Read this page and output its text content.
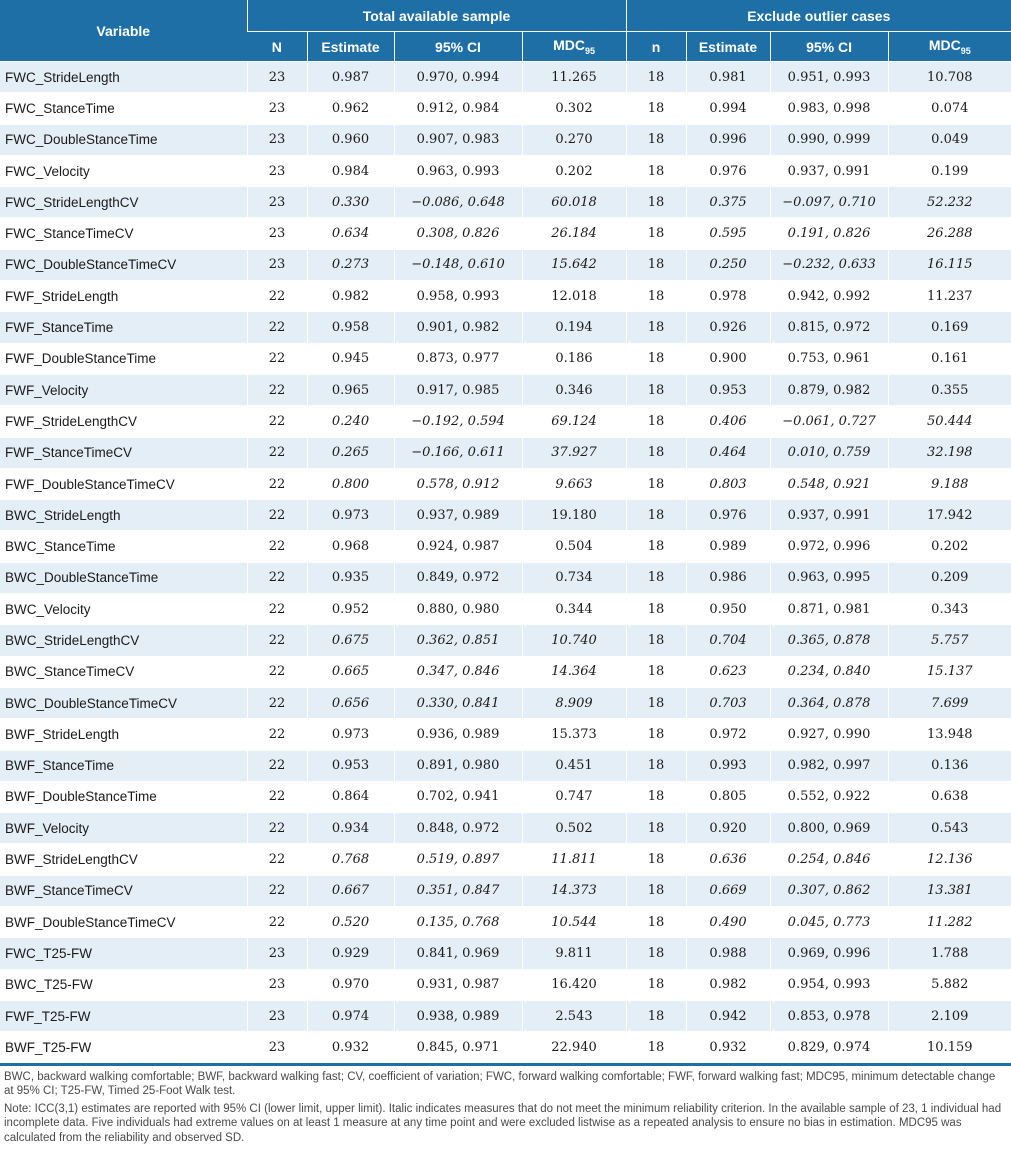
Variable	Total available sample				Exclude outlier cases			
	N	Estimate	95% CI	$MDC_{95}$	n	Estimate	95% CI	$MDC_{95}$
FWC_StrideLength	23	0.987	0.970, 0.994	11.265	18	0.981	0.951, 0.993	10.708
FWC_StanceTime	23	0.962	0.912, 0.984	0.302	18	0.994	0.983, 0.998	0.074
FWC_DoubleStanceTime	23	0.960	0.907, 0.983	0.270	18	0.996	0.990, 0.999	0.049
FWC_Velocity	23	0.984	0.963, 0.993	0.202	18	0.976	0.937, 0.991	0.199
FWC_StrideLengthCV	23	0.330	−0.086, 0.648	60.018	18	0.375	−0.097, 0.710	52.232
FWC_StanceTimeCV	23	0.634	0.308, 0.826	26.184	18	0.595	0.191, 0.826	26.288
FWC_DoubleStanceTimeCV	23	0.273	−0.148, 0.610	15.642	18	0.250	−0.232, 0.633	16.115
FWF_StrideLength	22	0.982	0.958, 0.993	12.018	18	0.978	0.942, 0.992	11.237
FWF_StanceTime	22	0.958	0.901, 0.982	0.194	18	0.926	0.815, 0.972	0.169
FWF_DoubleStanceTime	22	0.945	0.873, 0.977	0.186	18	0.900	0.753, 0.961	0.161
FWF_Velocity	22	0.965	0.917, 0.985	0.346	18	0.953	0.879, 0.982	0.355
FWF_StrideLengthCV	22	0.240	−0.192, 0.594	69.124	18	0.406	−0.061, 0.727	50.444
FWF_StanceTimeCV	22	0.265	−0.166, 0.611	37.927	18	0.464	0.010, 0.759	32.198
FWF_DoubleStanceTimeCV	22	0.800	0.578, 0.912	9.663	18	0.803	0.548, 0.921	9.188
BWC_StrideLength	22	0.973	0.937, 0.989	19.180	18	0.976	0.937, 0.991	17.942
BWC_StanceTime	22	0.968	0.924, 0.987	0.504	18	0.989	0.972, 0.996	0.202
BWC_DoubleStanceTime	22	0.935	0.849, 0.972	0.734	18	0.986	0.963, 0.995	0.209
BWC_Velocity	22	0.952	0.880, 0.980	0.344	18	0.950	0.871, 0.981	0.343
BWC_StrideLengthCV	22	0.675	0.362, 0.851	10.740	18	0.704	0.365, 0.878	5.757
BWC_StanceTimeCV	22	0.665	0.347, 0.846	14.364	18	0.623	0.234, 0.840	15.137
BWC_DoubleStanceTimeCV	22	0.656	0.330, 0.841	8.909	18	0.703	0.364, 0.878	7.699
BWF_StrideLength	22	0.973	0.936, 0.989	15.373	18	0.972	0.927, 0.990	13.948
BWF_StanceTime	22	0.953	0.891, 0.980	0.451	18	0.993	0.982, 0.997	0.136
BWF_DoubleStanceTime	22	0.864	0.702, 0.941	0.747	18	0.805	0.552, 0.922	0.638
BWF_Velocity	22	0.934	0.848, 0.972	0.502	18	0.920	0.800, 0.969	0.543
BWF_StrideLengthCV	22	0.768	0.519, 0.897	11.811	18	0.636	0.254, 0.846	12.136
BWF_StanceTimeCV	22	0.667	0.351, 0.847	14.373	18	0.669	0.307, 0.862	13.381
BWF_DoubleStanceTimeCV	22	0.520	0.135, 0.768	10.544	18	0.490	0.045, 0.773	11.282
FWC_T25-FW	23	0.929	0.841, 0.969	9.811	18	0.988	0.969, 0.996	1.788
BWC_T25-FW	23	0.970	0.931, 0.987	16.420	18	0.982	0.954, 0.993	5.882
FWF_T25-FW	23	0.974	0.938, 0.989	2.543	18	0.942	0.853, 0.978	2.109
BWF_T25-FW	23	0.932	0.845, 0.971	22.940	18	0.932	0.829, 0.974	10.159

BWC, backward walking comfortable; BWF, backward walking fast; CV, coefficient of variation; FWC, forward walking comfortable; FWF, forward walking fast; MDC95, minimum detectable change at 95% CI; T25-FW, Timed 25-Foot Walk test.

Note: ICC(3,1) estimates are reported with 95% CI (lower limit, upper limit). Italic indicates measures that do not meet the minimum reliability criterion. In the available sample of 23, 1 individual had incomplete data. Five individuals had extreme values on at least 1 measure at any time point and were excluded listwise as a repeated analysis to ensure no bias in estimation. MDC95 was calculated from the reliability and observed SD.
